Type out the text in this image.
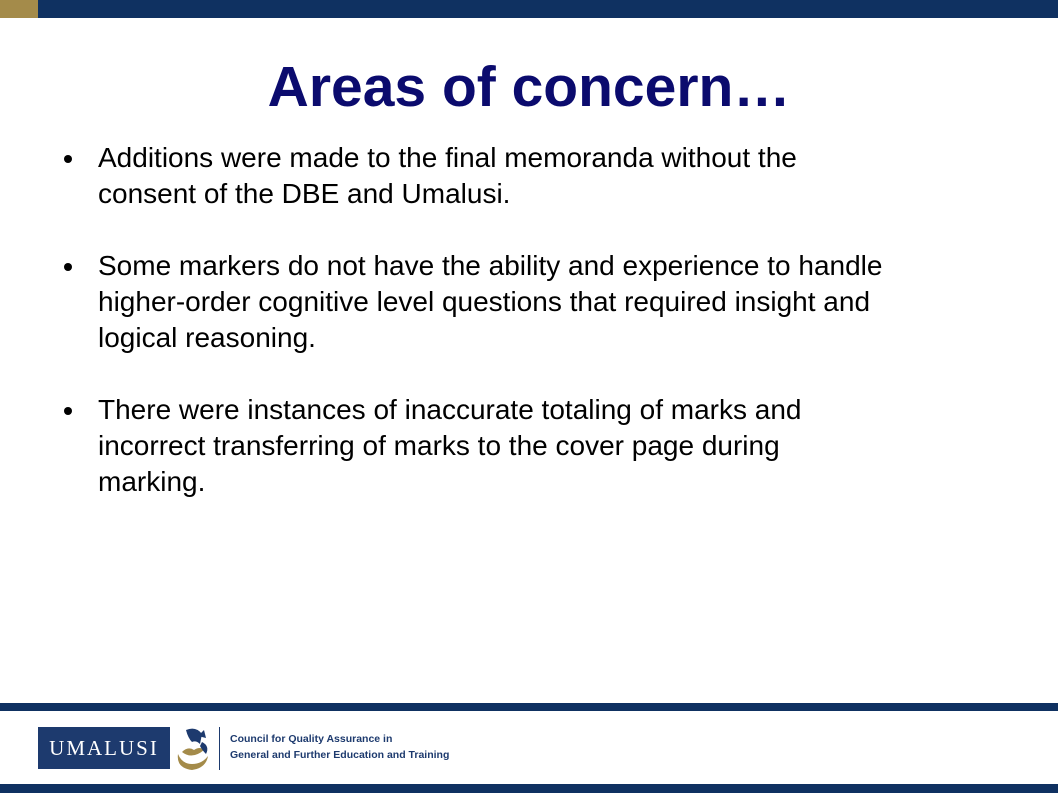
Areas of concern…
Additions were made to the final memoranda without the
consent of the DBE and Umalusi.
Some markers do not have the ability and experience to handle
higher-order cognitive level questions that required insight and
logical reasoning.
There were instances of inaccurate totaling of marks and
incorrect transferring of marks to the cover page during
marking.
UMALUSI	Council for Quality Assurance in
General and Further Education and Training
